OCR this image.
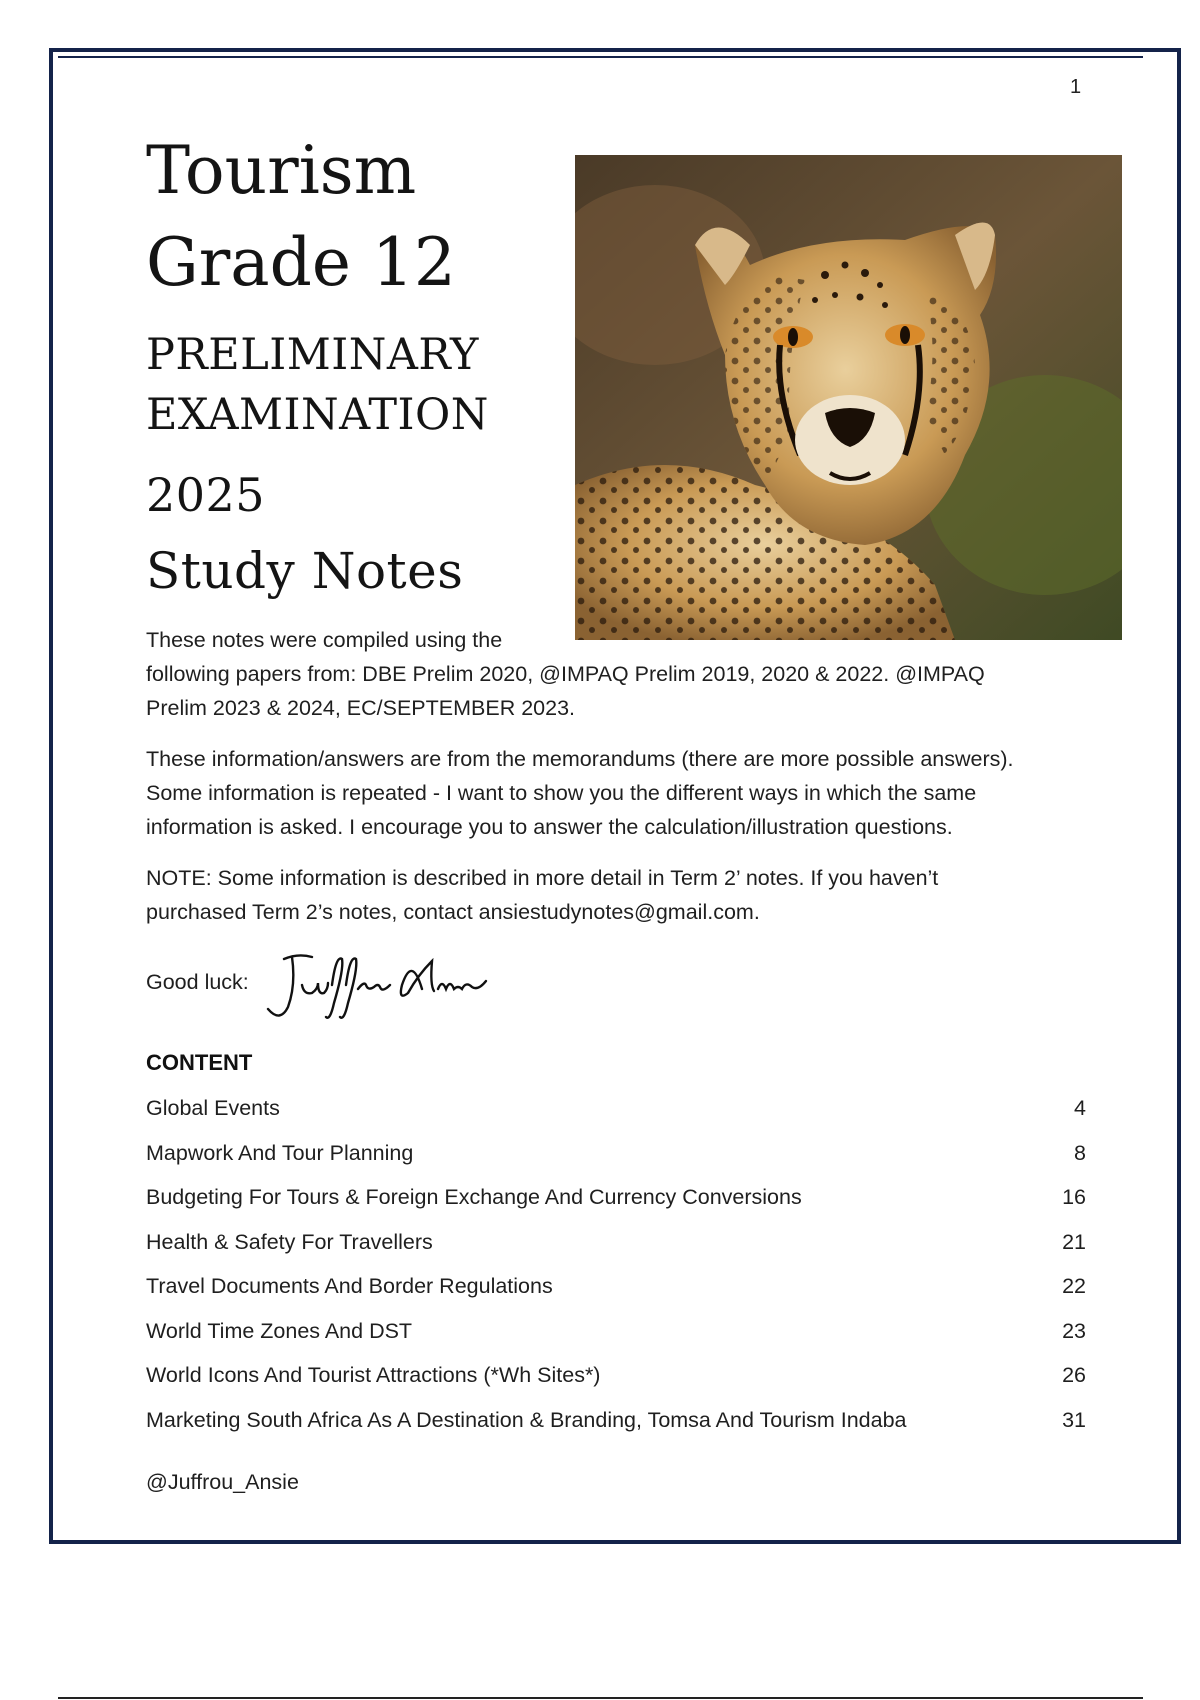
1
Tourism
Grade 12
PRELIMINARY
EXAMINATION
2025
Study Notes
These notes were compiled using the
following papers from: DBE Prelim 2020, @IMPAQ Prelim 2019, 2020 & 2022. @IMPAQ
Prelim 2023 & 2024, EC/SEPTEMBER 2023.
These information/answers are from the memorandums (there are more possible answers).
Some information is repeated - I want to show you the different ways in which the same
information is asked. I encourage you to answer the calculation/illustration questions.
NOTE: Some information is described in more detail in Term 2’ notes. If you haven’t
purchased Term 2’s notes, contact ansiestudynotes@gmail.com.
Good luck:
CONTENT
Global Events	4
Mapwork And Tour Planning	8
Budgeting For Tours & Foreign Exchange And Currency Conversions	16
Health & Safety For Travellers	21
Travel Documents And Border Regulations	22
World Time Zones And DST	23
World Icons And Tourist Attractions (*Wh Sites*)	26
Marketing South Africa As A Destination & Branding, Tomsa And Tourism Indaba	31
@Juffrou_Ansie
